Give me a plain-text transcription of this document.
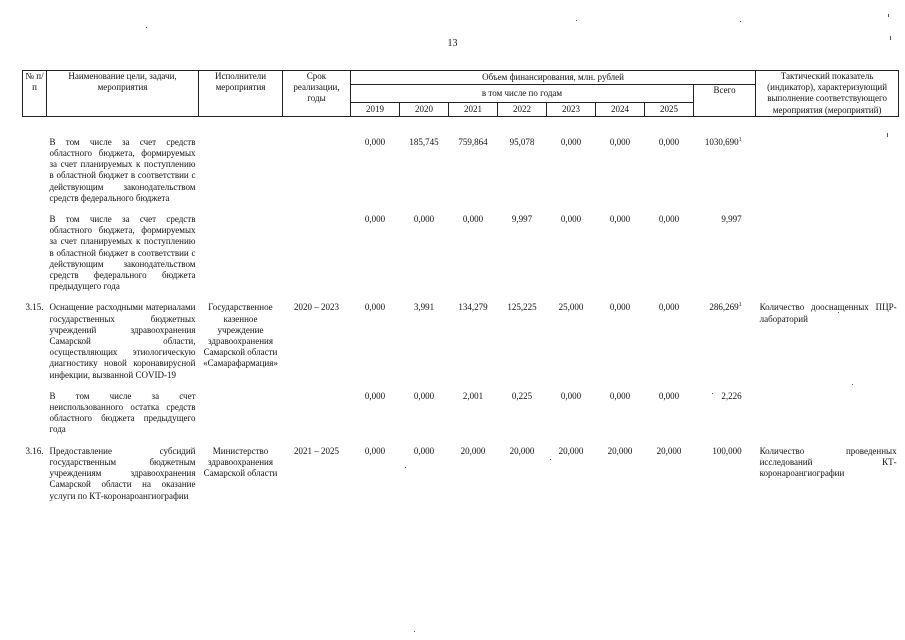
13
№ п/п	Наименование цели, задачи, мероприятия	Исполнители мероприятия	Срок реализации, годы	Объем финансирования, млн. рублей								Тактический показатель (индикатор), характеризующий выполнение соответствующего мероприятия (мероприятий)
				в том числе по годам							Всего	
				2019	2020	2021	2022	2023	2024	2025		

	В том числе за счет средств областного бюджета, формируемых за счет планируемых к поступлению в областной бюджет в соответствии с действующим законодательством средств федерального бюджета			0,000	185,745	759,864	95,078	0,000	0,000	0,000	1030,690$^1$	
	В том числе за счет средств областного бюджета, формируемых за счет планируемых к поступлению в областной бюджет в соответствии с действующим законодательством средств федерального бюджета предыдущего года			0,000	0,000	0,000	9,997	0,000	0,000	0,000	9,997	
3.15.	Оснащение расходными материалами государственных бюджетных учреждений здравоохранения Самарской области, осуществляющих этиологическую диагностику новой коронавирусной инфекции, вызванной COVID-19	Государственное казенное учреждение здравоохранения Самарской области «Самарафармация»	2020 – 2023	0,000	3,991	134,279	125,225	25,000	0,000	0,000	286,269$^1$	Количество дооснащенных ПЦР-лабораторий
	В том числе за счет неиспользованного остатка средств областного бюджета предыдущего года			0,000	0,000	2,001	0,225	0,000	0,000	0,000	2,226	
3.16.	Предоставление субсидий государственным бюджетным учреждениям здравоохранения Самарской области на оказание услуги по КТ-коронароангиографии	Министерство здравоохранения Самарской области	2021 – 2025	0,000	0,000	20,000	20,000	20,000	20,000	20,000	100,000	Количество проведенных исследований КТ-коронароангиографии
